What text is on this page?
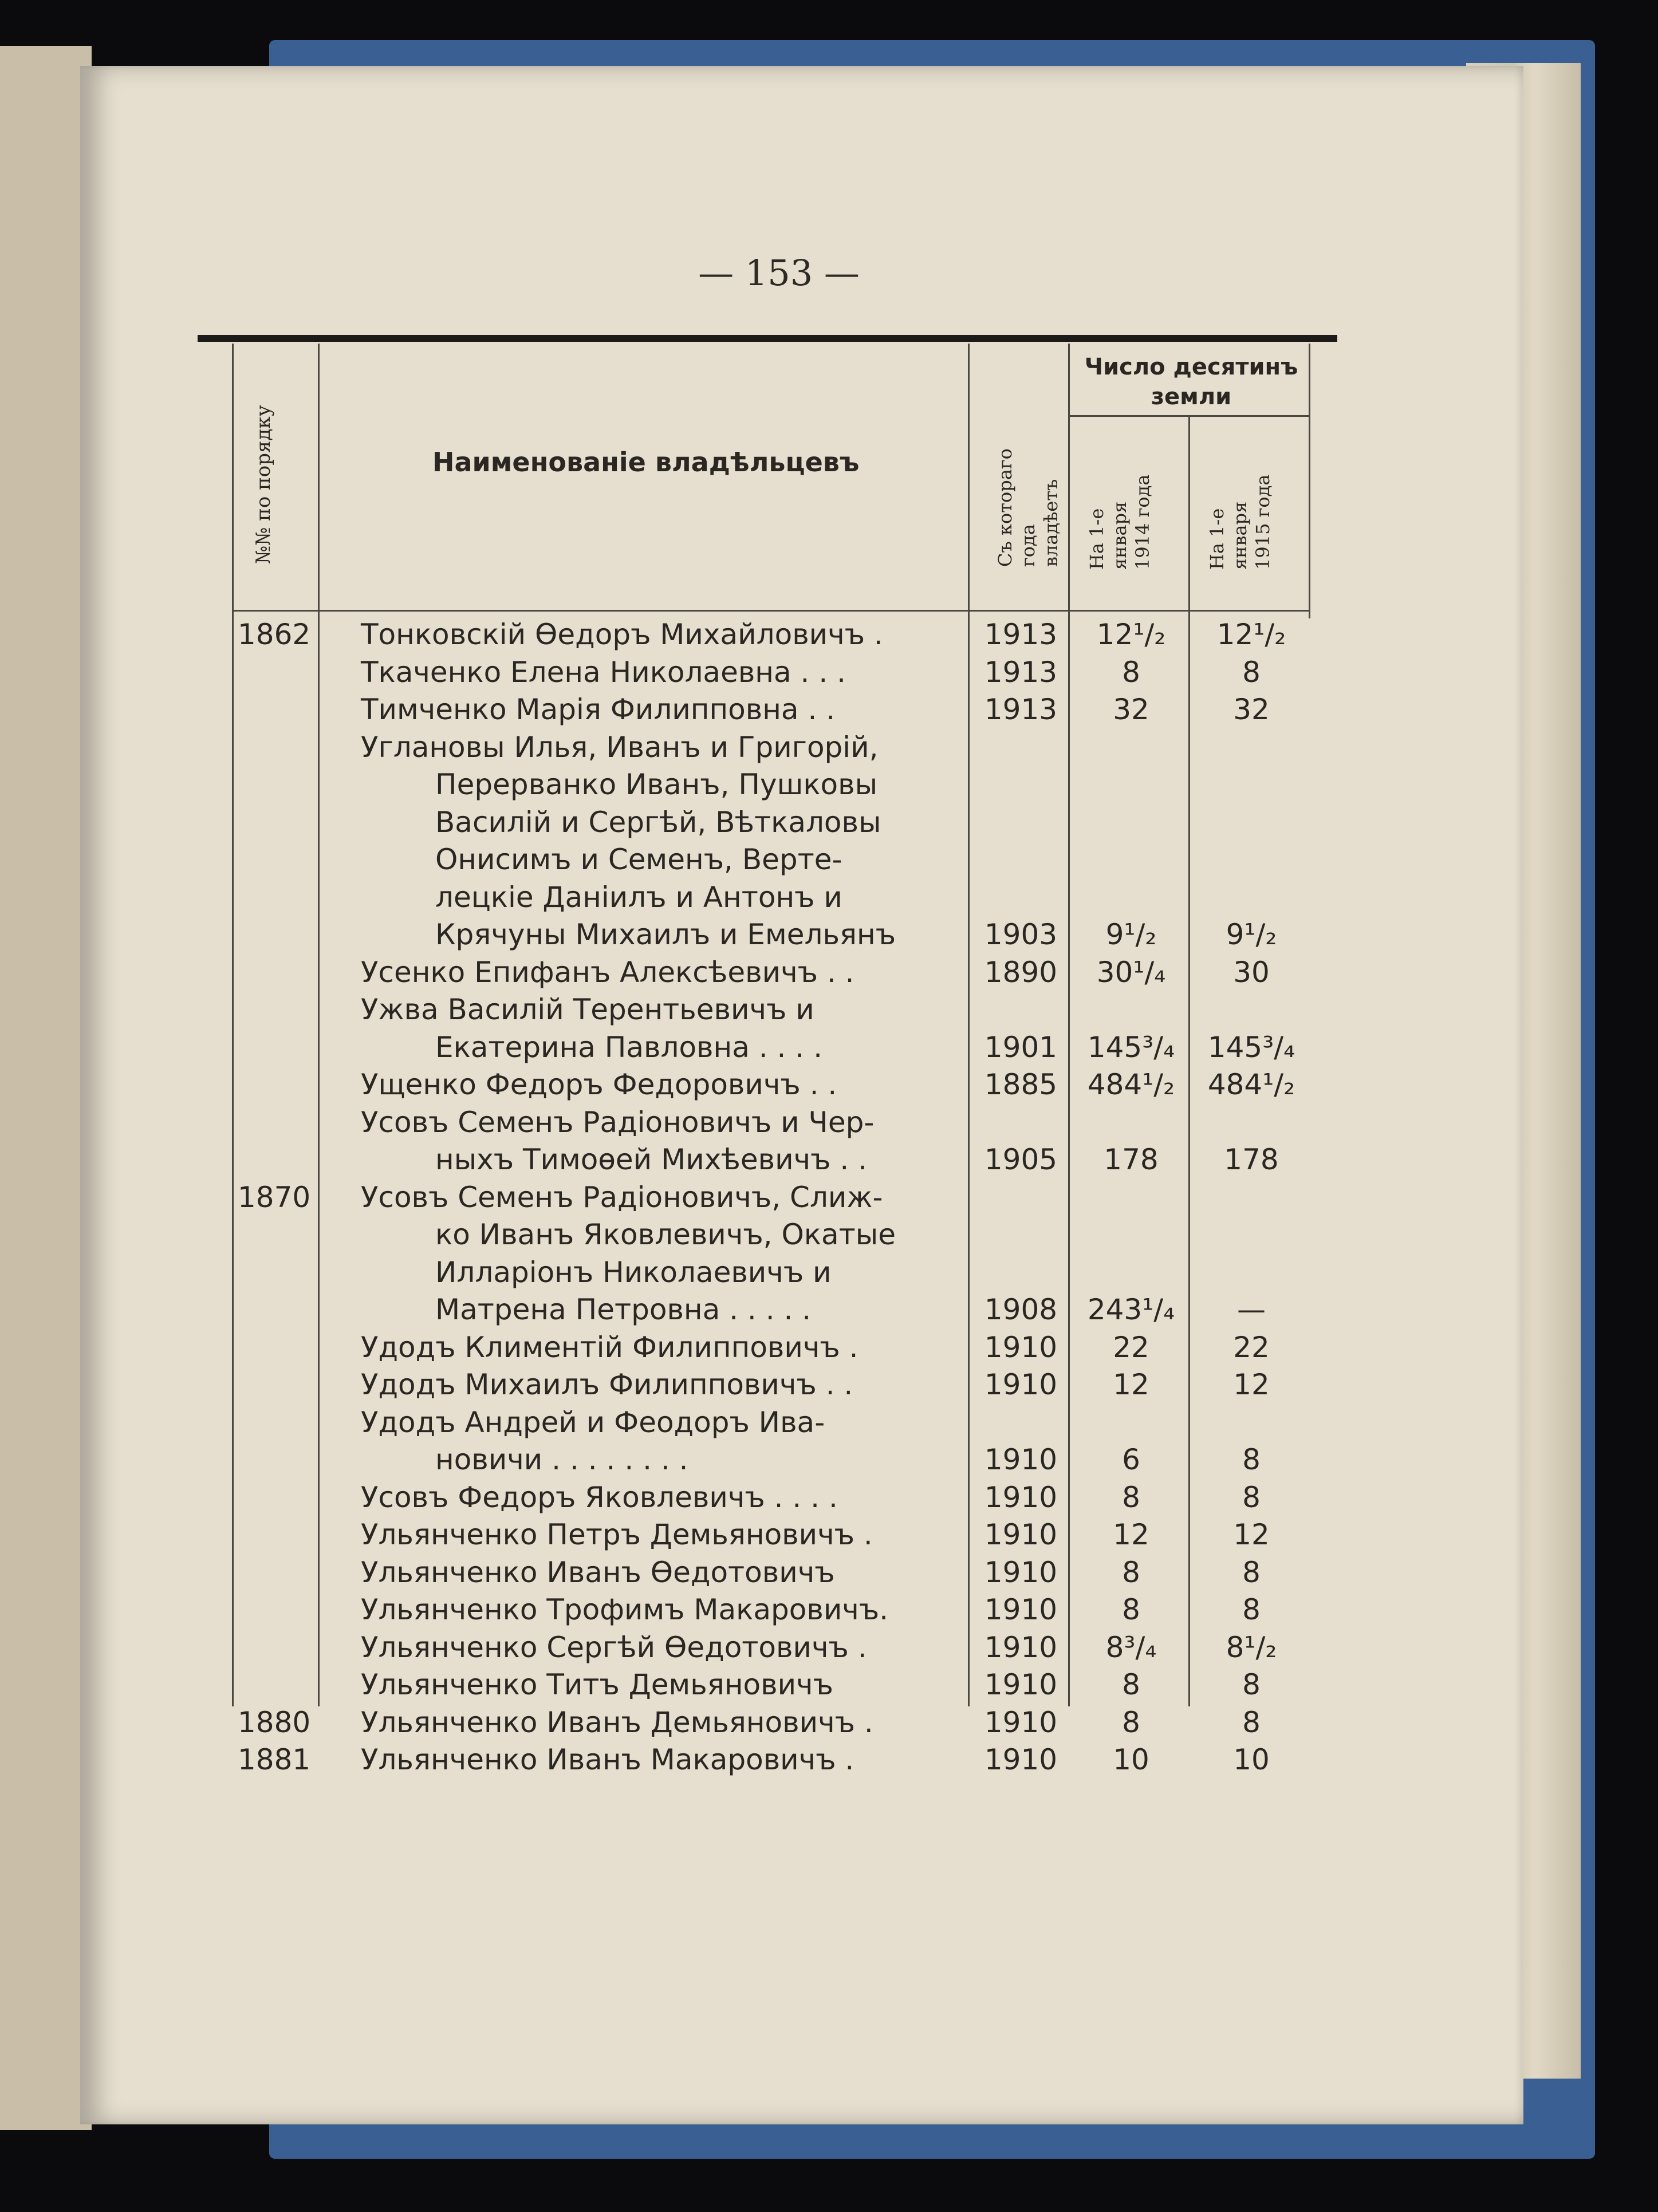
— 153 —
№№ по порядку	Наименованіе владѣльцевъ	Съ котораго года владѣетъ
Число десятинъ земли
На 1-е января 1914 года	На 1-е января 1915 года
1862 Тонковскій Өедоръ Михайловичъ .	1913	12¹/₂	12¹/₂
Ткаченко Елена Николаевна . . .	1913	8	8
Тимченко Марія Филипповна . .	1913	32	32
Углановы Илья, Иванъ и Григорій,
Перерванко Иванъ, Пушковы
Василій и Сергѣй, Вѣткаловы
Онисимъ и Семенъ, Верте-
лецкіе Даніилъ и Антонъ и
Крячуны Михаилъ и Емельянъ	1903	9¹/₂	9¹/₂
Усенко Епифанъ Алексѣевичъ . .	1890	30¹/₄	30
Ужва Василій Терентьевичъ и
Екатерина Павловна . . . .	1901	145³/₄	145³/₄
Ущенко Федоръ Федоровичъ . .	1885	484¹/₂	484¹/₂
Усовъ Семенъ Радіоновичъ и Чер-
ныхъ Тимоөей Михѣевичъ . .	1905	178	178
1870 Усовъ Семенъ Радіоновичъ, Слиж-
ко Иванъ Яковлевичъ, Окатые
Илларіонъ Николаевичъ и
Матрена Петровна . . . . .	1908	243¹/₄	—
Удодъ Климентій Филипповичъ .	1910	22	22
Удодъ Михаилъ Филипповичъ . .	1910	12	12
Удодъ Андрей и Феодоръ Ива-
новичи . . . . . . . .	1910	6	8
Усовъ Федоръ Яковлевичъ . . . .	1910	8	8
Ульянченко Петръ Демьяновичъ .	1910	12	12
Ульянченко Иванъ Өедотовичъ	1910	8	8
Ульянченко Трофимъ Макаровичъ.	1910	8	8
Ульянченко Сергѣй Өедотовичъ .	1910	8³/₄	8¹/₂
Ульянченко Титъ Демьяновичъ	1910	8	8
1880 Ульянченко Иванъ Демьяновичъ .	1910	8	8
1881 Ульянченко Иванъ Макаровичъ .	1910	10	10
